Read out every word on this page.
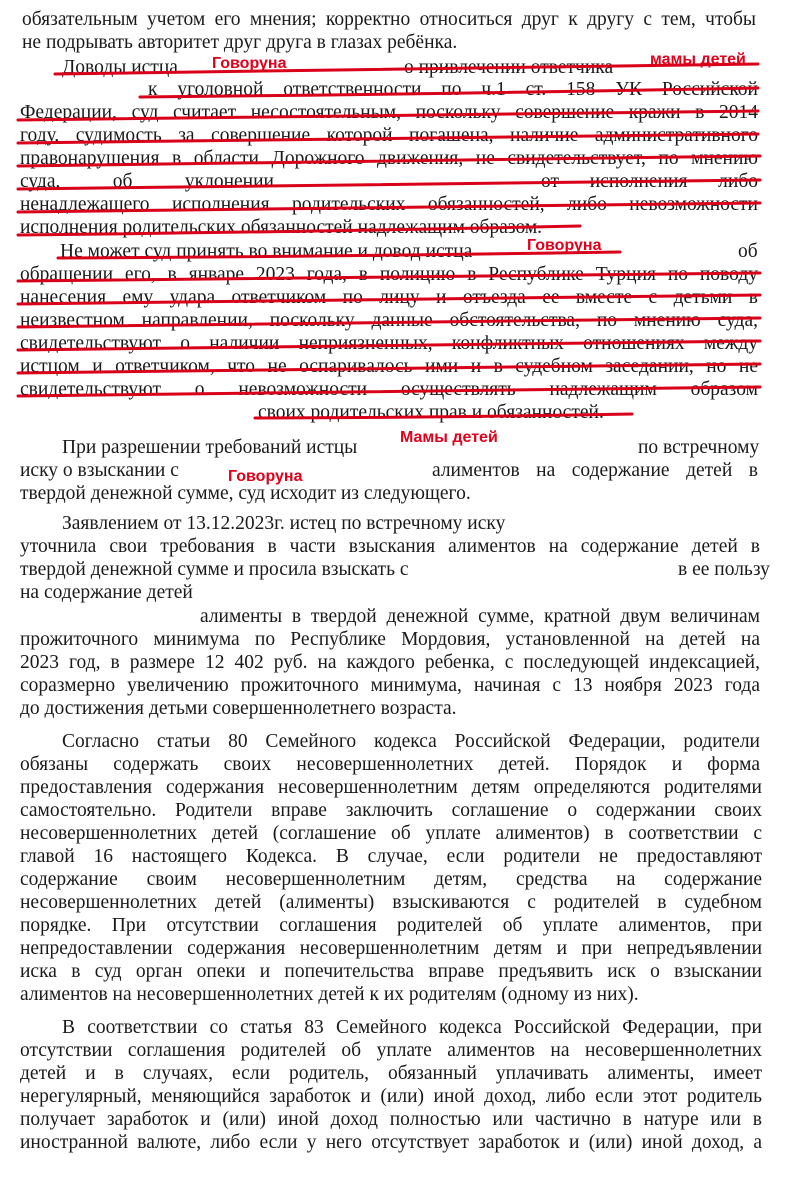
обязательным учетом его мнения; корректно относиться друг к другу с тем, чтобы
не подрывать авторитет друг друга в глазах ребёнка.
Доводы истца Говоруна	о привлечении ответчика мамы детей
к уголовной ответственности по ч.1 ст. 158 УК Российской
Федерации, суд считает несостоятельным, поскольку совершение кражи в 2014
году, судимость за совершение которой погашена, наличие административного
правонарушения в области Дорожного движения, не свидетельствует, по мнению
суда, об уклонении	от исполнения либо
ненадлежащего исполнения родительских обязанностей, либо невозможности
исполнения родительских обязанностей надлежащим образом.
Не может суд принять во внимание и довод истца	Говоруна	об
обращении его, в январе 2023 года, в полицию в Республике Турция по поводу
нанесения ему удара ответчиком по лицу и отъезда ее вместе с детьми в
неизвестном направлении, поскольку данные обстоятельства, по мнению суда,
свидетельствуют о наличии неприязненных, конфликтных отношениях между
истцом и ответчиком, что не оспаривалось ими и в судебном заседании, но не
свидетельствуют о невозможности осуществлять надлежащим образом
своих родительских прав и обязанностей.
При разрешении требований истцы	Мамы детей	по встречному
иску о взыскании с	Говоруна	алиментов на содержание детей в
твердой денежной сумме, суд исходит из следующего.
Заявлением от 13.12.2023г. истец по встречному иску
уточнила свои требования в части взыскания алиментов на содержание детей в
твердой денежной сумме и просила взыскать с	в ее пользу
на содержание детей
алименты в твердой денежной сумме, кратной двум величинам
прожиточного минимума по Республике Мордовия, установленной на детей на
2023 год, в размере 12 402 руб. на каждого ребенка, с последующей индексацией,
соразмерно увеличению прожиточного минимума, начиная с 13 ноября 2023 года
до достижения детьми совершеннолетнего возраста.
Согласно статьи 80 Семейного кодекса Российской Федерации, родители
обязаны содержать своих несовершеннолетних детей. Порядок и форма
предоставления содержания несовершеннолетним детям определяются родителями
самостоятельно. Родители вправе заключить соглашение о содержании своих
несовершеннолетних детей (соглашение об уплате алиментов) в соответствии с
главой 16 настоящего Кодекса. В случае, если родители не предоставляют
содержание своим несовершеннолетним детям, средства на содержание
несовершеннолетних детей (алименты) взыскиваются с родителей в судебном
порядке. При отсутствии соглашения родителей об уплате алиментов, при
непредоставлении содержания несовершеннолетним детям и при непредъявлении
иска в суд орган опеки и попечительства вправе предъявить иск о взыскании
алиментов на несовершеннолетних детей к их родителям (одному из них).
В соответствии со статья 83 Семейного кодекса Российской Федерации, при
отсутствии соглашения родителей об уплате алиментов на несовершеннолетних
детей и в случаях, если родитель, обязанный уплачивать алименты, имеет
нерегулярный, меняющийся заработок и (или) иной доход, либо если этот родитель
получает заработок и (или) иной доход полностью или частично в натуре или в
иностранной валюте, либо если у него отсутствует заработок и (или) иной доход, а
